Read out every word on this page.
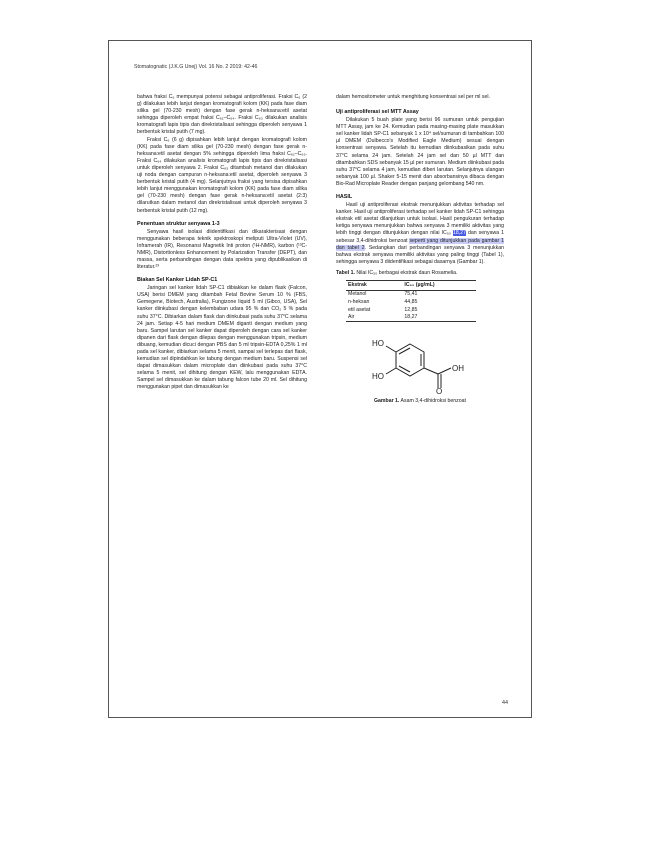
Stomatognatic (J.K.G Unej) Vol. 16 No. 2 2019: 42-46

bahwa fraksi C₆ mempunyai potensi sebagai antiproliferasi. Fraksi C₆ (2 g) dilakukan lebih lanjut dengan kromatografi kolom (KK) pada fase diam silika gel (70-230 mesh) dengan fase gerak n-heksana:etil asetat sehingga diperoleh empat fraksi C₆₁–C₆₄. Fraksi C₆₃ dilakukan analisis kromatografi lapis tipis dan direkristalisasi sehingga diperoleh senyawa 1 berbentuk kristal putih (7 mg).

Fraksi C₆ (6 g) dipisahkan lebih lanjut dengan kromatografi kolom (KK) pada fase diam silika gel (70-230 mesh) dengan fase gerak n-heksana:etil asetat dengan 5% sehingga diperoleh lima fraksi C₆₁–C₆₅. Fraksi C₆₄ dilakukan analisis kromatografi lapis tipis dan direkristalisasi untuk diperoleh senyawa 2. Fraksi C₆₅ ditambah metanol dan dilakukan uji noda dengan campuran n-heksana:etil asetat, diperoleh senyawa 3 berbentuk kristal putih (4 mg). Selanjutnya fraksi yang tersisa dipisahkan lebih lanjut menggunakan kromatografi kolom (KK) pada fase diam silika gel (70-230 mesh) dengan fase gerak n-heksana:etil asetat (2:3) dilarutkan dalam metanol dan direkristalisasi untuk diperoleh senyawa 3 berbentuk kristal putih (12 mg).

Penentuan struktur senyawa 1-3

Senyawa hasil isolasi diidentifikasi dan dikarakterisasi dengan menggunakan beberapa teknik spektroskopi meliputi Ultra-Violet (UV), Inframerah (IR), Resonansi Magnetik Inti proton (¹H-NMR), karbon (¹³C-NMR), Distortionless Enhancement by Polarization Transfer (DEPT), dan massa, serta perbandingan dengan data spektra yang dipublikasikan di literatur.²³

Biakan Sel Kanker Lidah SP-C1

Jaringan sel kanker lidah SP-C1 dibiakkan ke dalam flask (Falcon, USA) berisi DMEM yang ditambah Fetal Bovine Serum 10 % (FBS, Gemegene, Biotech, Australia), Fungizone liquid 5 ml (Gibco, USA), Sel kanker diinkubasi dengan kelembaban udara 95 % dan CO₂ 5 % pada suhu 37°C. Dibiarkan dalam flask dan diinkubasi pada suhu 37°C selama 24 jam. Setiap 4-5 hari medium DMEM diganti dengan medium yang baru. Sampel larutan sel kanker dapat diperoleh dengan cara sel kanker dipanen dari flask dengan dilepas dengan menggunakan tripsin, medium dibuang, kemudian dicuci dengan PBS dan 5 ml tripsin-EDTA 0,25% 1 ml pada sel kanker, dibiarkan selama 5 menit, sampai sel terlepas dari flask, kemudian sel dipindahkan ke tabung dengan medium baru. Suspensi sel dapat dimasukkan dalam microplate dan diinkubasi pada suhu 37°C selama 5 menit, sel dihitung dengan KEW, lalu menggunakan EDTA. Sampel sel dimasukkan ke dalam tabung falcon tube 20 ml. Sel dihitung menggunakan pipet dan dimasukkan ke

dalam hemositometer untuk menghitung konsentrasi sel per ml sel.

Uji antiproliferasi sel MTT Assay

Dilakukan 5 buah plate yang berisi 96 sumuran untuk pengujian MTT Assay, jam ke 24. Kemudian pada masing-masing plate masukkan sel kanker lidah SP-C1 sebanyak 1 x 10⁴ sel/sumuran di tambahkan 100 µl DMEM (Dulbecco's Modified Eagle Medium) sesuai dengan konsentrasi senyawa. Setelah itu kemudian diinkubasikan pada suhu 37°C selama 24 jam. Setelah 24 jam sel dan 50 µl MTT dan ditambahkan SDS sebanyak 15 µl per sumuran. Medium diinkubasi pada suhu 37°C selama 4 jam, kemudian diberi larutan. Selanjutnya ulangan sebanyak 100 µl. Shaker 5-15 menit dan absorbansinya dibaca dengan Bio-Rad Microplate Reader dengan panjang gelombang 540 nm.

HASIL

Hasil uji antiproliferasi ekstrak menunjukkan aktivitas terhadap sel kanker. Hasil uji antiproliferasi terhadap sel kanker lidah SP-C1 sehingga ekstrak etil asetat dilanjutkan untuk isolasi. Hasil pengukuran terhadap ketiga senyawa menunjukkan bahwa senyawa 3 memiliki aktivitas yang lebih tinggi dengan ditunjukkan dengan nilai IC₅₀ 18,27 dan senyawa 1 sebesar 3,4-dihidroksi benzoat seperti yang ditunjukkan pada gambar 1 dan tabel 2. Sedangkan dari perbandingan senyawa 3 menunjukkan bahwa ekstrak senyawa memiliki aktivitas yang paling tinggi (Tabel 1), sehingga senyawa 3 diidentifikasi sebagai dasarnya (Gambar 1).

Tabel 1. Nilai IC₅₀ berbagai ekstrak daun Rosamelia.
Ekstrak	IC₅₀ (µg/mL)
Metanol	75,41
n-heksan	44,85
etil asetat	12,85
Air	18,27
HO
HO
OH
O
Gambar 1. Asam 3,4-dihidroksi benzoat
44
